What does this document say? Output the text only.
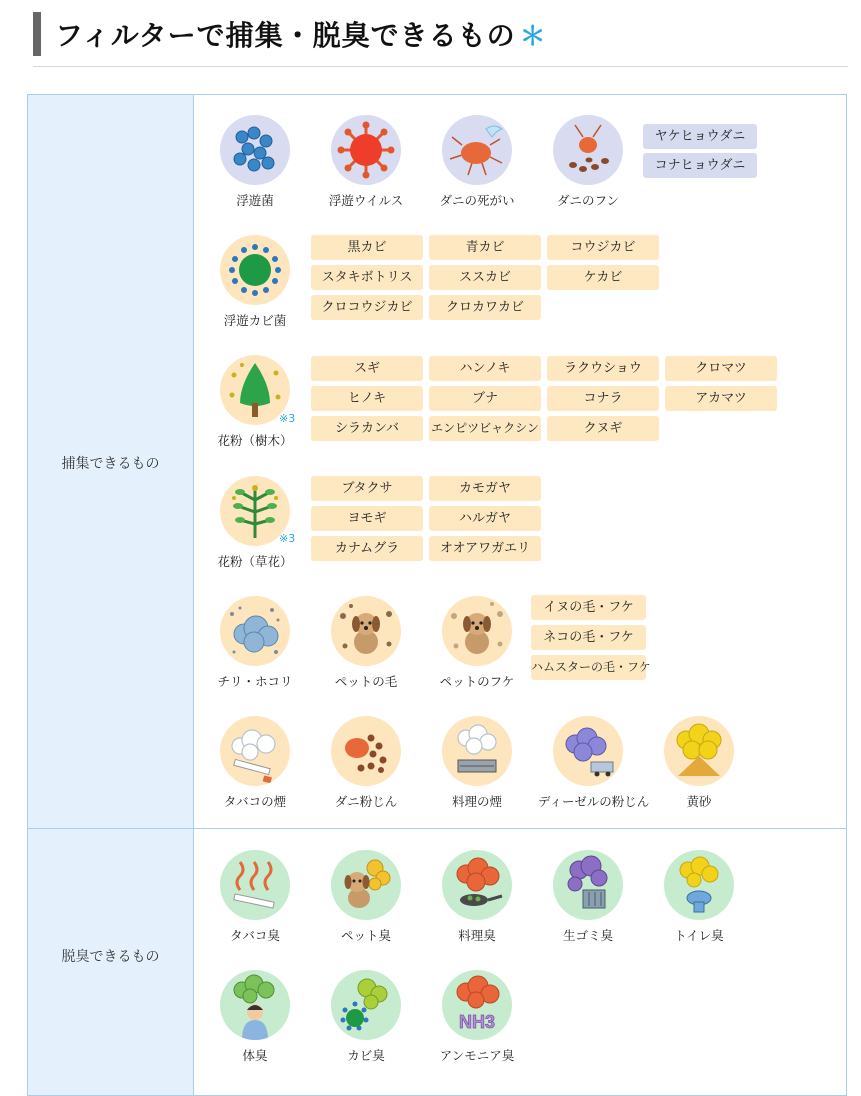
フィルターで捕集・脱臭できるもの ＊
捕集できるもの
脱臭できるもの
浮遊菌	浮遊ウイルス	ダニの死がい	ダニのフン
ヤケヒョウダニ
コナヒョウダニ
浮遊カビ菌
黒カビ	青カビ	コウジカビ
スタキボトリス	ススカビ	ケカビ
クロコウジカビ	クロカワカビ
花粉（樹木）
※3
スギ	ハンノキ	ラクウショウ	クロマツ
ヒノキ	ブナ	コナラ	アカマツ
シラカンバ	エンピツビャクシン	クヌギ
花粉（草花）
※3
ブタクサ	カモガヤ
ヨモギ	ハルガヤ
カナムグラ	オオアワガエリ
チリ・ホコリ	ペットの毛	ペットのフケ
イヌの毛・フケ
ネコの毛・フケ
ハムスターの毛・フケ
タバコの煙	ダニ粉じん	料理の煙	ディーゼルの粉じん	黄砂
タバコ臭	ペット臭	料理臭	生ゴミ臭	トイレ臭
体臭	カビ臭
NH3
アンモニア臭
